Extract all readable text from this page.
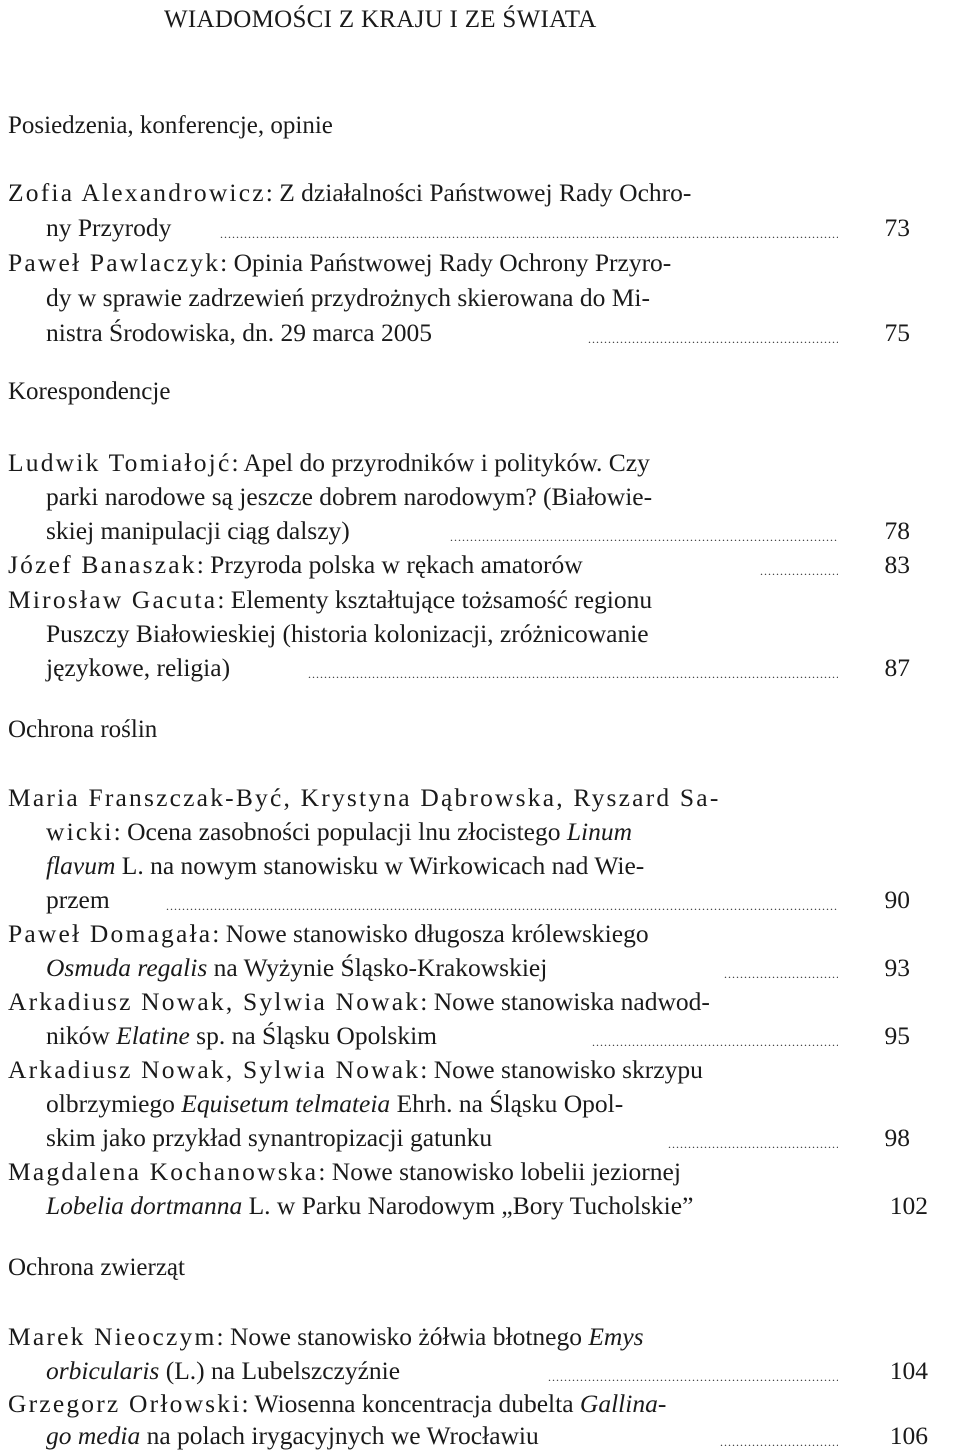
WIADOMOŚCI Z KRAJU I ZE ŚWIATA
Posiedzenia, konferencje, opinie
Zofia Alexandrowicz: Z działalności Państwowej Rady Ochro-
ny Przyrody .....	73
Paweł Pawlaczyk: Opinia Państwowej Rady Ochrony Przyro-
dy w sprawie zadrzewień przydrożnych skierowana do Mi-
nistra Środowiska, dn. 29 marca 2005 .....	75
Korespondencje
Ludwik Tomiałojć: Apel do przyrodników i polityków. Czy
parki narodowe są jeszcze dobrem narodowym? (Białowie-
skiej manipulacji ciąg dalszy) .....	78
Józef Banaszak: Przyroda polska w rękach amatorów .....	83
Mirosław Gacuta: Elementy kształtujące tożsamość regionu
Puszczy Białowieskiej (historia kolonizacji, zróżnicowanie
językowe, religia) .....	87
Ochrona roślin
Maria Franszczak-Być, Krystyna Dąbrowska, Ryszard Sa-
wicki: Ocena zasobności populacji lnu złocistego Linum
flavum L. na nowym stanowisku w Wirkowicach nad Wie-
przem .....	90
Paweł Domagała: Nowe stanowisko długosza królewskiego
Osmuda regalis na Wyżynie Śląsko-Krakowskiej .....	93
Arkadiusz Nowak, Sylwia Nowak: Nowe stanowiska nadwod-
ników Elatine sp. na Śląsku Opolskim .....	95
Arkadiusz Nowak, Sylwia Nowak: Nowe stanowisko skrzypu
olbrzymiego Equisetum telmateia Ehrh. na Śląsku Opol-
skim jako przykład synantropizacji gatunku .....	98
Magdalena Kochanowska: Nowe stanowisko lobelii jeziornej
Lobelia dortmanna L. w Parku Narodowym „Bory Tucholskie”	102
Ochrona zwierząt
Marek Nieoczym: Nowe stanowisko żółwia błotnego Emys
orbicularis (L.) na Lubelszczyźnie .....	104
Grzegorz Orłowski: Wiosenna koncentracja dubelta Gallina-
go media na polach irygacyjnych we Wrocławiu .....	106
